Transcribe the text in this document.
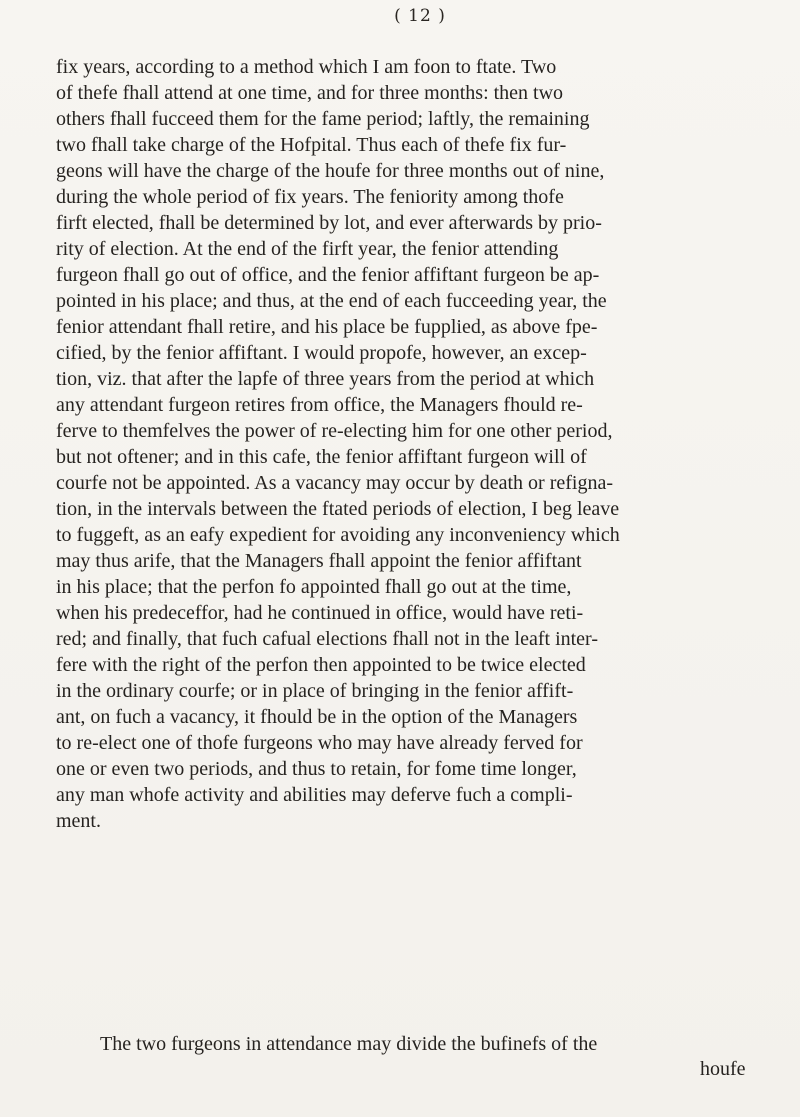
( 12 )
fix years, according to a method which I am foon to ftate. Two
of thefe fhall attend at one time, and for three months: then two
others fhall fucceed them for the fame period; laftly, the remaining
two fhall take charge of the Hofpital. Thus each of thefe fix fur-
geons will have the charge of the houfe for three months out of nine,
during the whole period of fix years. The feniority among thofe
firft elected, fhall be determined by lot, and ever afterwards by prio-
rity of election. At the end of the firft year, the fenior attending
furgeon fhall go out of office, and the fenior affiftant furgeon be ap-
pointed in his place; and thus, at the end of each fucceeding year, the
fenior attendant fhall retire, and his place be fupplied, as above fpe-
cified, by the fenior affiftant. I would propofe, however, an excep-
tion, viz. that after the lapfe of three years from the period at which
any attendant furgeon retires from office, the Managers fhould re-
ferve to themfelves the power of re-electing him for one other period,
but not oftener; and in this cafe, the fenior affiftant furgeon will of
courfe not be appointed. As a vacancy may occur by death or refigna-
tion, in the intervals between the ftated periods of election, I beg leave
to fuggeft, as an eafy expedient for avoiding any inconveniency which
may thus arife, that the Managers fhall appoint the fenior affiftant
in his place; that the perfon fo appointed fhall go out at the time,
when his predeceffor, had he continued in office, would have reti-
red; and finally, that fuch cafual elections fhall not in the leaft inter-
fere with the right of the perfon then appointed to be twice elected
in the ordinary courfe; or in place of bringing in the fenior affift-
ant, on fuch a vacancy, it fhould be in the option of the Managers
to re-elect one of thofe furgeons who may have already ferved for
one or even two periods, and thus to retain, for fome time longer,
any man whofe activity and abilities may deferve fuch a compli-
ment.
The two furgeons in attendance may divide the bufinefs of the
houfe
